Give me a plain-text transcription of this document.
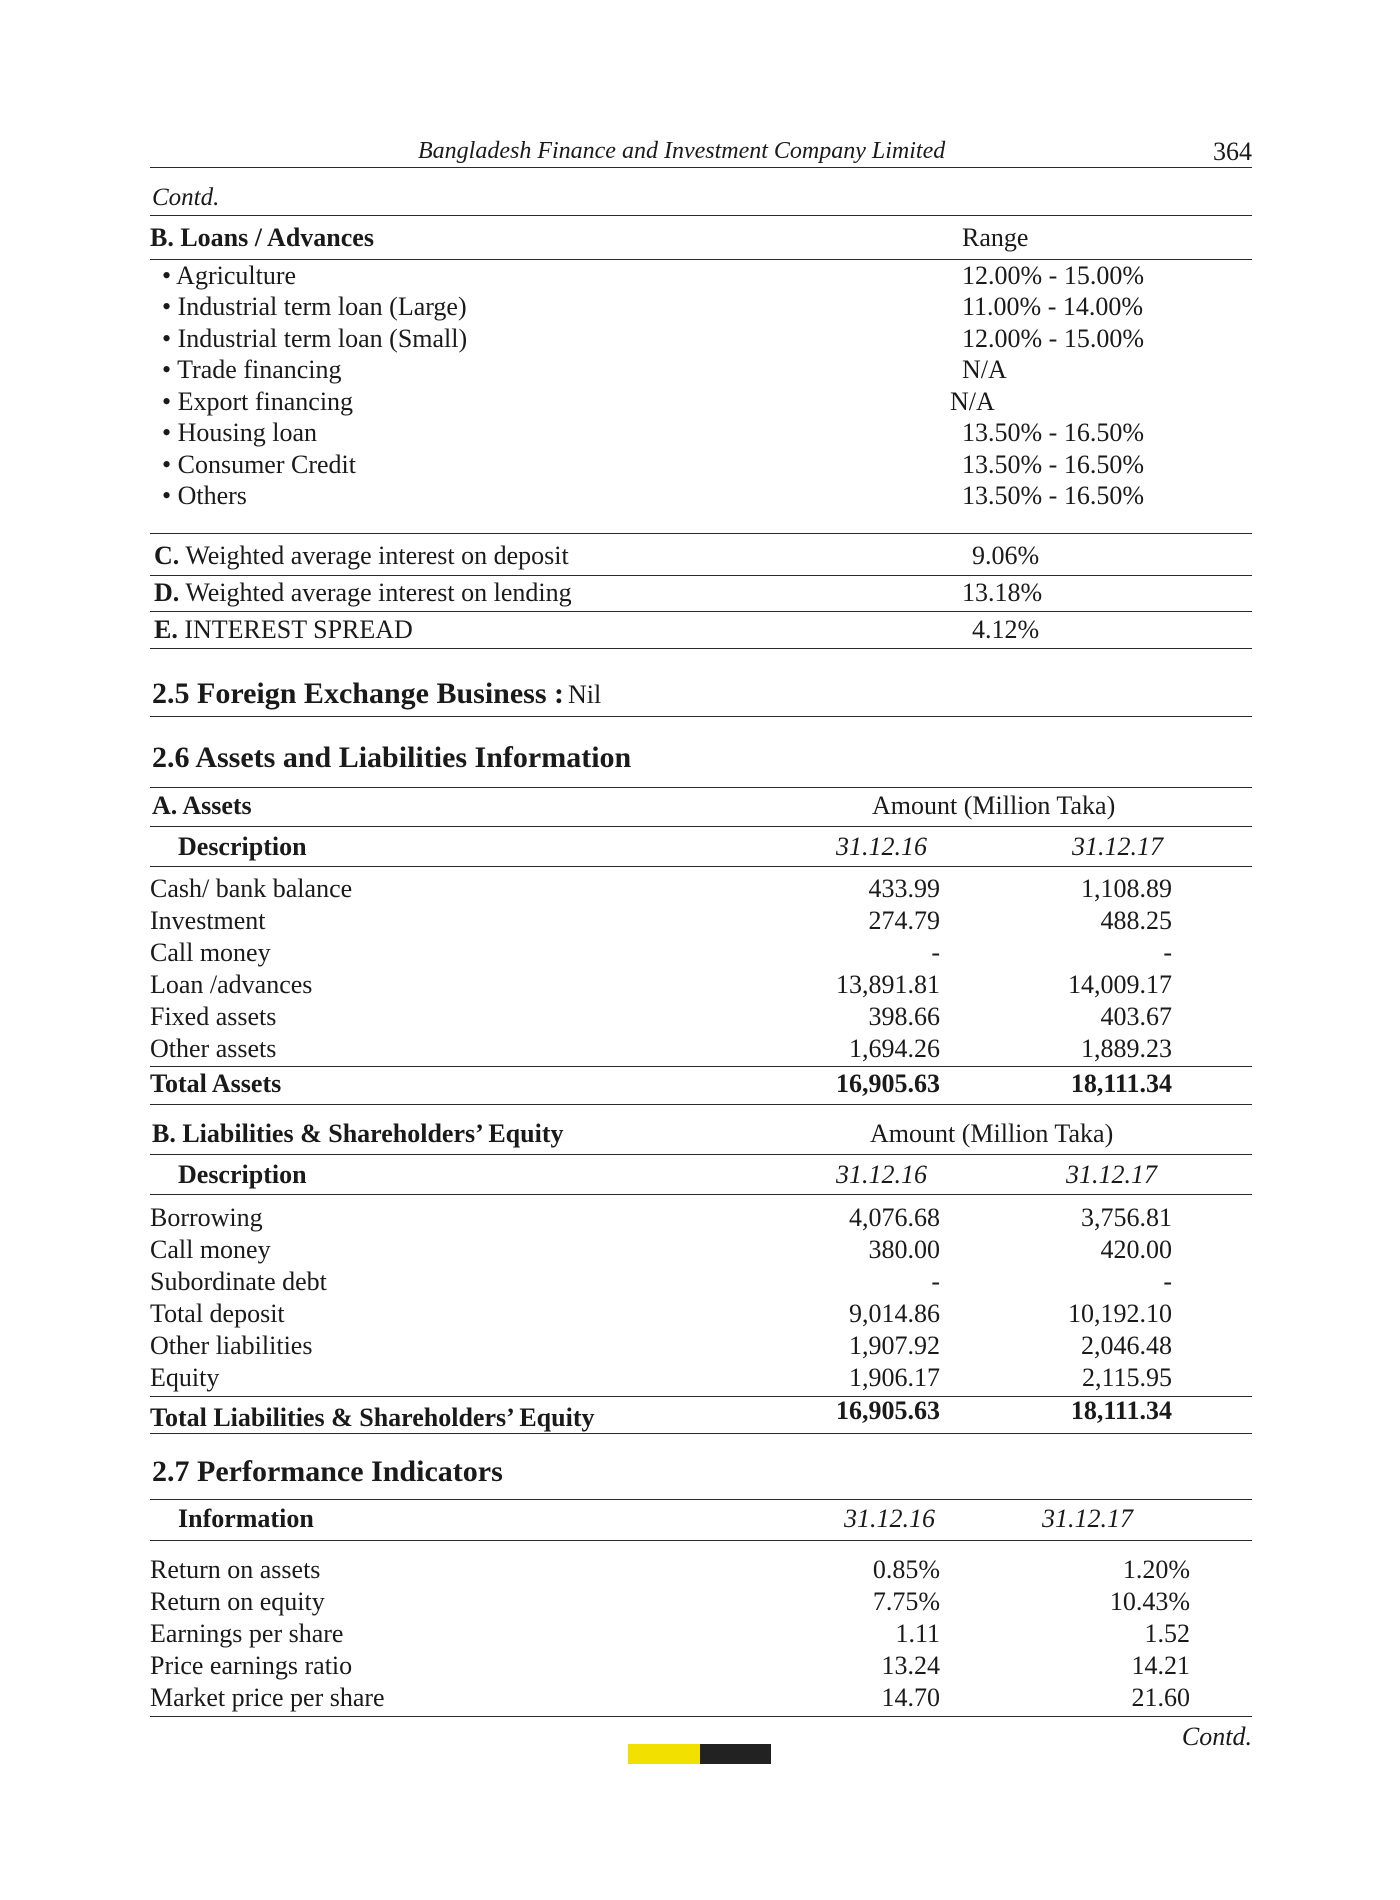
Bangladesh Finance and Investment Company Limited	364
Contd.
B. Loans / Advances	Range
• Agriculture	12.00% - 15.00%
• Industrial term loan (Large)	11.00% - 14.00%
• Industrial term loan (Small)	12.00% - 15.00%
• Trade financing	N/A
• Export financing	N/A
• Housing loan	13.50% - 16.50%
• Consumer Credit	13.50% - 16.50%
• Others	13.50% - 16.50%
C. Weighted average interest on deposit	9.06%
D. Weighted average interest on lending	13.18%
E. INTEREST SPREAD	4.12%
2.5 Foreign Exchange Business : Nil
2.6 Assets and Liabilities Information
A. Assets	Amount (Million Taka)
Description	31.12.16	31.12.17
Cash/ bank balance	433.99	1,108.89
Investment	274.79	488.25
Call money	-	-
Loan /advances	13,891.81	14,009.17
Fixed assets	398.66	403.67
Other assets	1,694.26	1,889.23
Total Assets	16,905.63	18,111.34
B. Liabilities & Shareholders’ Equity	Amount (Million Taka)
Description	31.12.16	31.12.17
Borrowing	4,076.68	3,756.81
Call money	380.00	420.00
Subordinate debt	-	-
Total deposit	9,014.86	10,192.10
Other liabilities	1,907.92	2,046.48
Equity	1,906.17	2,115.95
Total Liabilities & Shareholders’ Equity	16,905.63	18,111.34
2.7 Performance Indicators
Information	31.12.16	31.12.17
Return on assets	0.85%	1.20%
Return on equity	7.75%	10.43%
Earnings per share	1.11	1.52
Price earnings ratio	13.24	14.21
Market price per share	14.70	21.60
Contd.
